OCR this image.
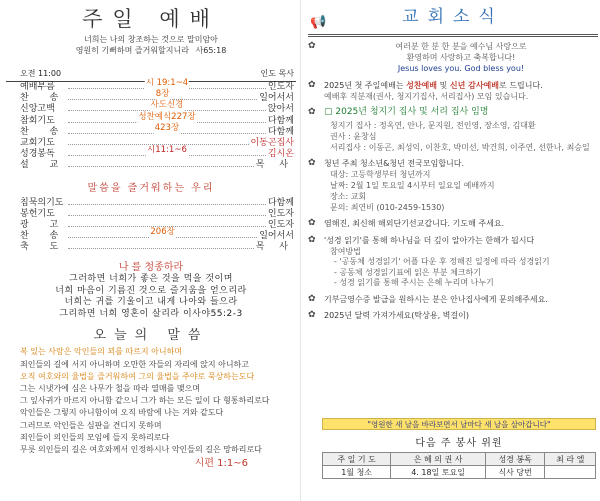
주일 예배
너희는 나의 창조하는 것으로 말미암아
영원히 기뻐하며 즐거워할지니라 사65:18
오전 11:00	인도 목사
예배부름	시 19:1~4	인도자
찬 송	8장	일어서서
신앙고백	사도신경	앉아서
참회기도	성찬예식227장	다함께
찬 송	423장	다함께
교회기도	이동곤집사
성경봉독	시11:1~6	김시온
설 교	목 사
말씀을 즐거워하는 우리
칩묵의기도	다함께
봉헌기도	인도자
광 고	인도자
찬 송	206장	일어서서
축 도	목 사
나 를 청종하라
그러하면 너희가 좋은 것을 먹을 것이며
너희 마음이 기름진 것으로 즐거움을 얻으리라
너희는 귀를 기울이고 내게 나아와 들으라
그리하면 너희 영혼이 살리라 이사야55:2-3
오늘의 말씀
복 있는 사람은 악인들의 꾀를 따르지 아니하며
죄인들의 길에 서지 아니하며 오만한 자들의 자리에 앉지 아니하고
오직 여호와의 율법을 즐거워하여 그의 율법을 주야로 묵상하는도다
그는 시냇가에 심은 나무가 철을 따라 열매를 맺으며
그 잎사귀가 마르지 아니함 같으니 그가 하는 모든 일이 다 형통하리로다
악인들은 그렇지 아니함이여 오직 바람에 나는 겨와 같도다
그러므로 악인들은 심판을 견디지 못하며
죄인들이 의인들의 모임에 들지 못하리로다
무릇 의인들의 길은 여호와께서 인정하시나 악인들의 길은 망하리로다
시편 1:1~6
📢	교회소식
✿	여러분 한 분 한 분을 예수님 사랑으로
환영하며 사랑하고 축복합니다!
Jesus loves you. God bless you!
✿	2025년 첫 주일예배는 성찬예배 및 신년 감사예배로 드립니다.
예배후 직분재(권사, 청지기집사, 서리집사) 모임 있습니다.
✿ ▢ 2025년 청지기 집사 및 서리 집사 임명
청지기 집사 : 정옥연, 안나, 문지원, 전인영, 장소영, 김대환
권사 : 윤창심
서리집사 : 이동곤, 최성익, 이찬호, 박미선, 박건희, 이주연, 선한나, 최승일
✿	청년 주최 청소년&청년 전국모임합니다.
대상: 고등학생부터 청년까지
날짜: 2월 1일 토요일 4시부터 일요일 예배까지
장소: 교회
문의: 최연비 (010-2459-1530)
✿	염해진, 최신해 해외단기선교갑니다. 기도해 주세요.
✿	'성경 읽기'를 통해 하나님을 더 깊이 알아가는 한해가 됩시다
참여방법
- '공동체 성경읽기' 어플 다운 후 정해진 일정에 따라 성경읽기
- 공동체 성경읽기표에 읽은 부분 체크하기
- 성경 읽기를 통해 주시는 은혜 누리며 나누기
✿	기부금영수증 발급을 원하시는 분은 안나집사에게 문의해주세요.
✿	2025년 달력 가져가세요(탁상용, 벽걸이)
"영원한 새 날을 바라보면서 날마다 새 날을 살아갑니다"
다음 주 봉사 위원
주 일 기 도	은 혜 의 권 사	성경 봉독	최 라 엘
1월 청소	4. 18일 토요일	식사 당번	
